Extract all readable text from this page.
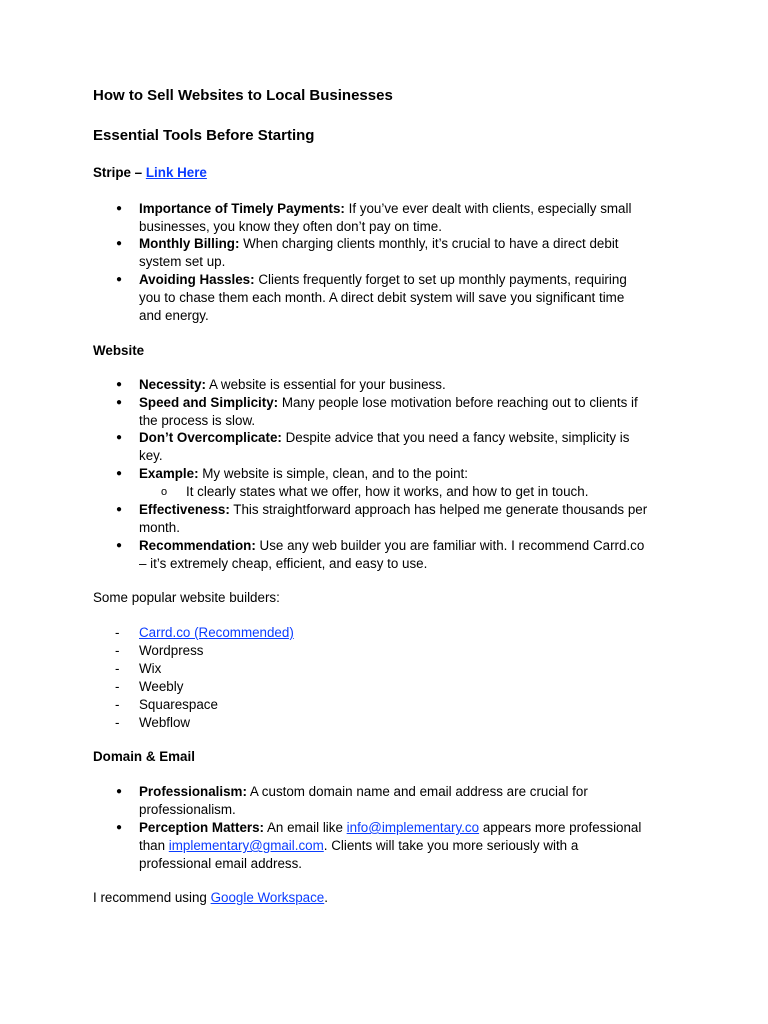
How to Sell Websites to Local Businesses
Essential Tools Before Starting
Stripe – Link Here
● Importance of Timely Payments: If you’ve ever dealt with clients, especially small
businesses, you know they often don’t pay on time.
● Monthly Billing: When charging clients monthly, it’s crucial to have a direct debit
system set up.
● Avoiding Hassles: Clients frequently forget to set up monthly payments, requiring
you to chase them each month. A direct debit system will save you significant time
and energy.
Website
● Necessity: A website is essential for your business.
● Speed and Simplicity: Many people lose motivation before reaching out to clients if
the process is slow.
● Don’t Overcomplicate: Despite advice that you need a fancy website, simplicity is
key.
● Example: My website is simple, clean, and to the point:
o It clearly states what we offer, how it works, and how to get in touch.
● Effectiveness: This straightforward approach has helped me generate thousands per
month.
● Recommendation: Use any web builder you are familiar with. I recommend Carrd.co
– it’s extremely cheap, efficient, and easy to use.
Some popular website builders:
- Carrd.co (Recommended)
- Wordpress
- Wix
- Weebly
- Squarespace
- Webflow
Domain & Email
● Professionalism: A custom domain name and email address are crucial for
professionalism.
● Perception Matters: An email like info@implementary.co appears more professional
than implementary@gmail.com. Clients will take you more seriously with a
professional email address.
I recommend using Google Workspace.
